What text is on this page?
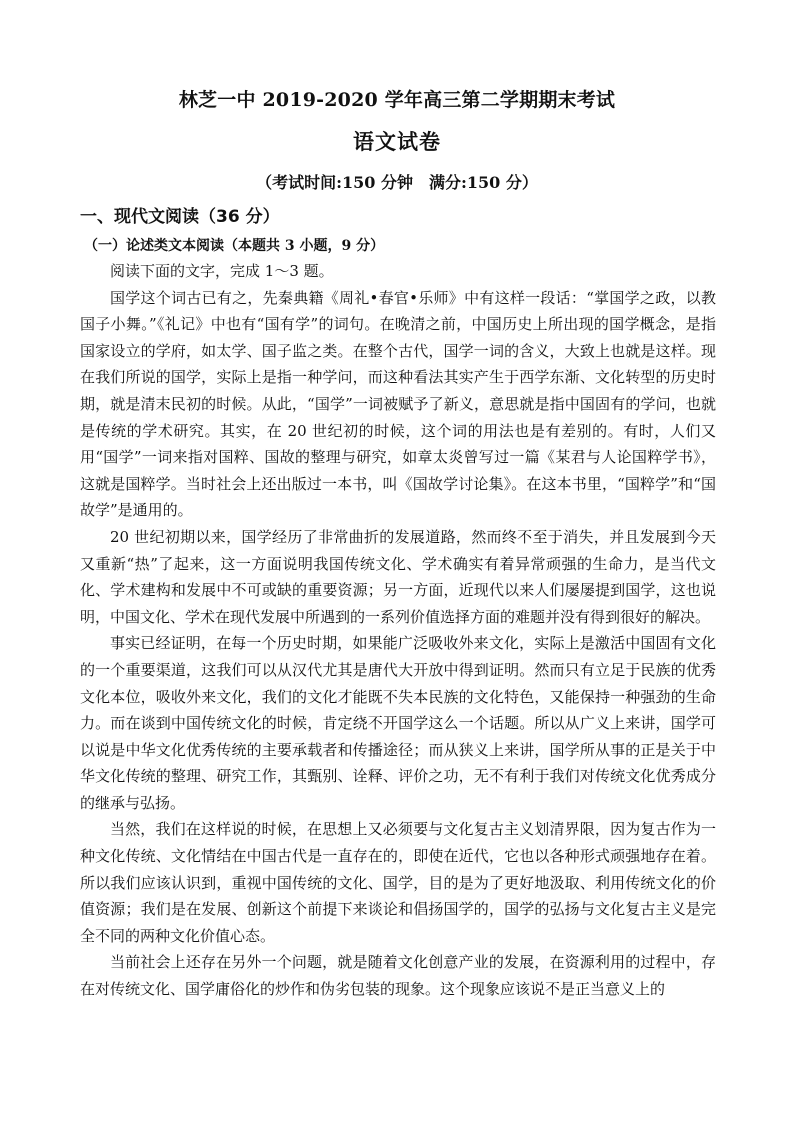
林芝一中 2019-2020 学年高三第二学期期末考试
语文试卷
（考试时间:150 分钟　满分:150 分）
一、现代文阅读（36 分）
（一）论述类文本阅读（本题共 3 小题，9 分）

阅读下面的文字，完成 1～3 题。

国学这个词古已有之，先秦典籍《周礼•春官•乐师》中有这样一段话：“掌国学之政，以教国子小舞。”《礼记》中也有“国有学”的词句。在晚清之前，中国历史上所出现的国学概念，是指国家设立的学府，如太学、国子监之类。在整个古代，国学一词的含义，大致上也就是这样。现在我们所说的国学，实际上是指一种学问，而这种看法其实产生于西学东渐、文化转型的历史时期，就是清末民初的时候。从此，“国学”一词被赋予了新义，意思就是指中国固有的学问，也就是传统的学术研究。其实，在 20 世纪初的时候，这个词的用法也是有差别的。有时，人们又用“国学”一词来指对国粹、国故的整理与研究，如章太炎曾写过一篇《某君与人论国粹学书》，这就是国粹学。当时社会上还出版过一本书，叫《国故学讨论集》。在这本书里，“国粹学”和“国故学”是通用的。

20 世纪初期以来，国学经历了非常曲折的发展道路，然而终不至于消失，并且发展到今天又重新“热”了起来，这一方面说明我国传统文化、学术确实有着异常顽强的生命力，是当代文化、学术建构和发展中不可或缺的重要资源；另一方面，近现代以来人们屡屡提到国学，这也说明，中国文化、学术在现代发展中所遇到的一系列价值选择方面的难题并没有得到很好的解决。

事实已经证明，在每一个历史时期，如果能广泛吸收外来文化，实际上是激活中国固有文化的一个重要渠道，这我们可以从汉代尤其是唐代大开放中得到证明。然而只有立足于民族的优秀文化本位，吸收外来文化，我们的文化才能既不失本民族的文化特色，又能保持一种强劲的生命力。而在谈到中国传统文化的时候，肯定绕不开国学这么一个话题。所以从广义上来讲，国学可以说是中华文化优秀传统的主要承载者和传播途径；而从狭义上来讲，国学所从事的正是关于中华文化传统的整理、研究工作，其甄别、诠释、评价之功，无不有利于我们对传统文化优秀成分的继承与弘扬。

当然，我们在这样说的时候，在思想上又必须要与文化复古主义划清界限，因为复古作为一种文化传统、文化情结在中国古代是一直存在的，即使在近代，它也以各种形式顽强地存在着。所以我们应该认识到，重视中国传统的文化、国学，目的是为了更好地汲取、利用传统文化的价值资源；我们是在发展、创新这个前提下来谈论和倡扬国学的，国学的弘扬与文化复古主义是完全不同的两种文化价值心态。

当前社会上还存在另外一个问题，就是随着文化创意产业的发展，在资源利用的过程中，存在对传统文化、国学庸俗化的炒作和伪劣包装的现象。这个现象应该说不是正当意义上的
